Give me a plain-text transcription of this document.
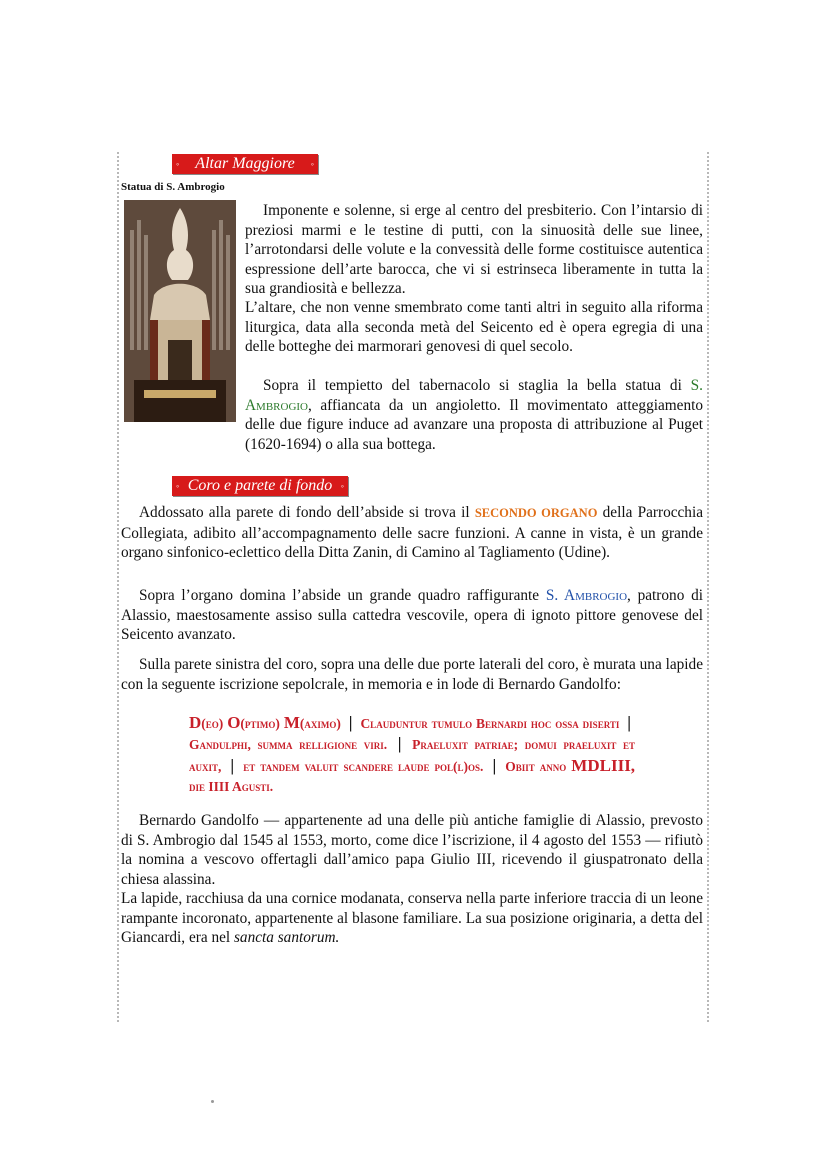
◦ Altar Maggiore ◦
Statua di S. Ambrogio
Imponente e solenne, si erge al centro del presbiterio. Con l’intarsio di preziosi marmi e le testine di putti, con la sinuosità delle sue linee, l’arrotondarsi delle volute e la convessità delle forme costituisce autentica espressione dell’arte barocca, che vi si estrinseca liberamente in tutta la sua grandiosità e bellezza.
L’altare, che non venne smembrato come tanti altri in seguito alla riforma liturgica, data alla seconda metà del Seicento ed è opera egregia di una delle botteghe dei marmorari genovesi di quel secolo.
Sopra il tempietto del tabernacolo si staglia la bella statua di S. Ambrogio, affiancata da un angioletto. Il movimentato atteggiamento delle due figure induce ad avanzare una proposta di attribuzione al Puget (1620-1694) o alla sua bottega.
◦ Coro e parete di fondo ◦
Addossato alla parete di fondo dell’abside si trova il SECONDO ORGANO della Parrocchia Collegiata, adibito all’accompagnamento delle sacre funzioni. A canne in vista, è un grande organo sinfonico-eclettico della Ditta Zanin, di Camino al Tagliamento (Udine).
Sopra l’organo domina l’abside un grande quadro raffigurante S. Ambrogio, patrono di Alassio, maestosamente assiso sulla cattedra vescovile, opera di ignoto pittore genovese del Seicento avanzato.
Sulla parete sinistra del coro, sopra una delle due porte laterali del coro, è murata una lapide con la seguente iscrizione sepolcrale, in memoria e in lode di Bernardo Gandolfo:
D(eo) O(ptimo) M(aximo) | Clauduntur tumulo Bernardi hoc ossa diserti | Gandulphi, summa relligione viri. | Praeluxit patriae; domui praeluxit et auxit, | et tandem valuit scandere laude pol(l)os. | Obiit anno MDLIII, die IIII Agusti.
Bernardo Gandolfo — appartenente ad una delle più antiche famiglie di Alassio, prevosto di S. Ambrogio dal 1545 al 1553, morto, come dice l’iscrizione, il 4 agosto del 1553 — rifiutò la nomina a vescovo offertagli dall’amico papa Giulio III, ricevendo il giuspatronato della chiesa alassina.
La lapide, racchiusa da una cornice modanata, conserva nella parte inferiore traccia di un leone rampante incoronato, appartenente al blasone familiare. La sua posizione originaria, a detta del Giancardi, era nel sancta santorum.
